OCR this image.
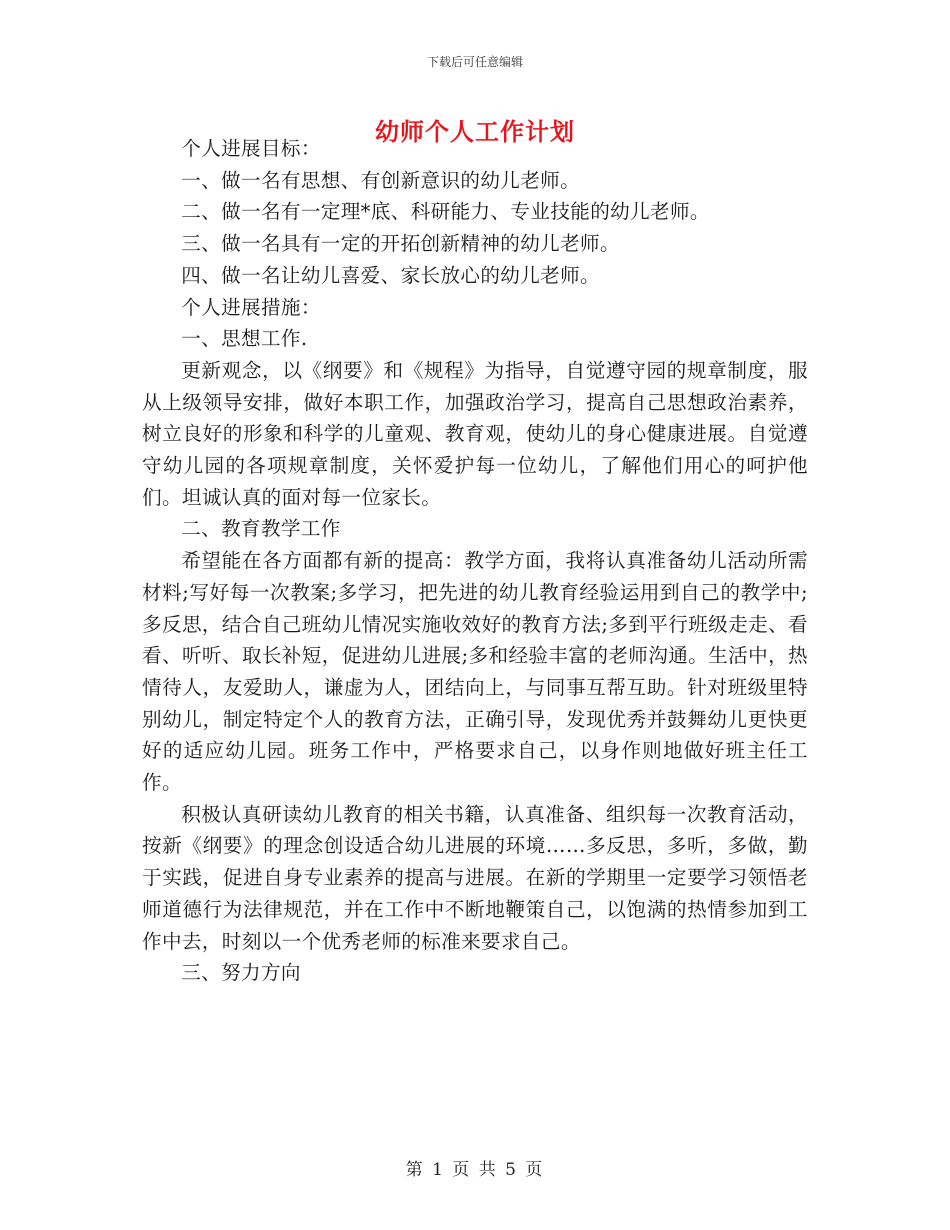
下载后可任意编辑
幼师个人工作计划

个人进展目标：

一、做一名有思想、有创新意识的幼儿老师。

二、做一名有一定理*底、科研能力、专业技能的幼儿老师。

三、做一名具有一定的开拓创新精神的幼儿老师。

四、做一名让幼儿喜爱、家长放心的幼儿老师。

个人进展措施：

一、思想工作.

更新观念，以《纲要》和《规程》为指导，自觉遵守园的规章制度，服从上级领导安排，做好本职工作，加强政治学习，提高自己思想政治素养，树立良好的形象和科学的儿童观、教育观，使幼儿的身心健康进展。自觉遵守幼儿园的各项规章制度，关怀爱护每一位幼儿，了解他们用心的呵护他们。坦诚认真的面对每一位家长。

二、教育教学工作

希望能在各方面都有新的提高：教学方面，我将认真准备幼儿活动所需材料;写好每一次教案;多学习，把先进的幼儿教育经验运用到自己的教学中;多反思，结合自己班幼儿情况实施收效好的教育方法;多到平行班级走走、看看、听听、取长补短，促进幼儿进展;多和经验丰富的老师沟通。生活中，热情待人，友爱助人，谦虚为人，团结向上，与同事互帮互助。针对班级里特别幼儿，制定特定个人的教育方法，正确引导，发现优秀并鼓舞幼儿更快更好的适应幼儿园。班务工作中，严格要求自己，以身作则地做好班主任工作。

积极认真研读幼儿教育的相关书籍，认真准备、组织每一次教育活动，按新《纲要》的理念创设适合幼儿进展的环境……多反思，多听，多做，勤于实践，促进自身专业素养的提高与进展。在新的学期里一定要学习领悟老师道德行为法律规范，并在工作中不断地鞭策自己，以饱满的热情参加到工作中去，时刻以一个优秀老师的标准来要求自己。

三、努力方向

第 1 页 共 5 页
